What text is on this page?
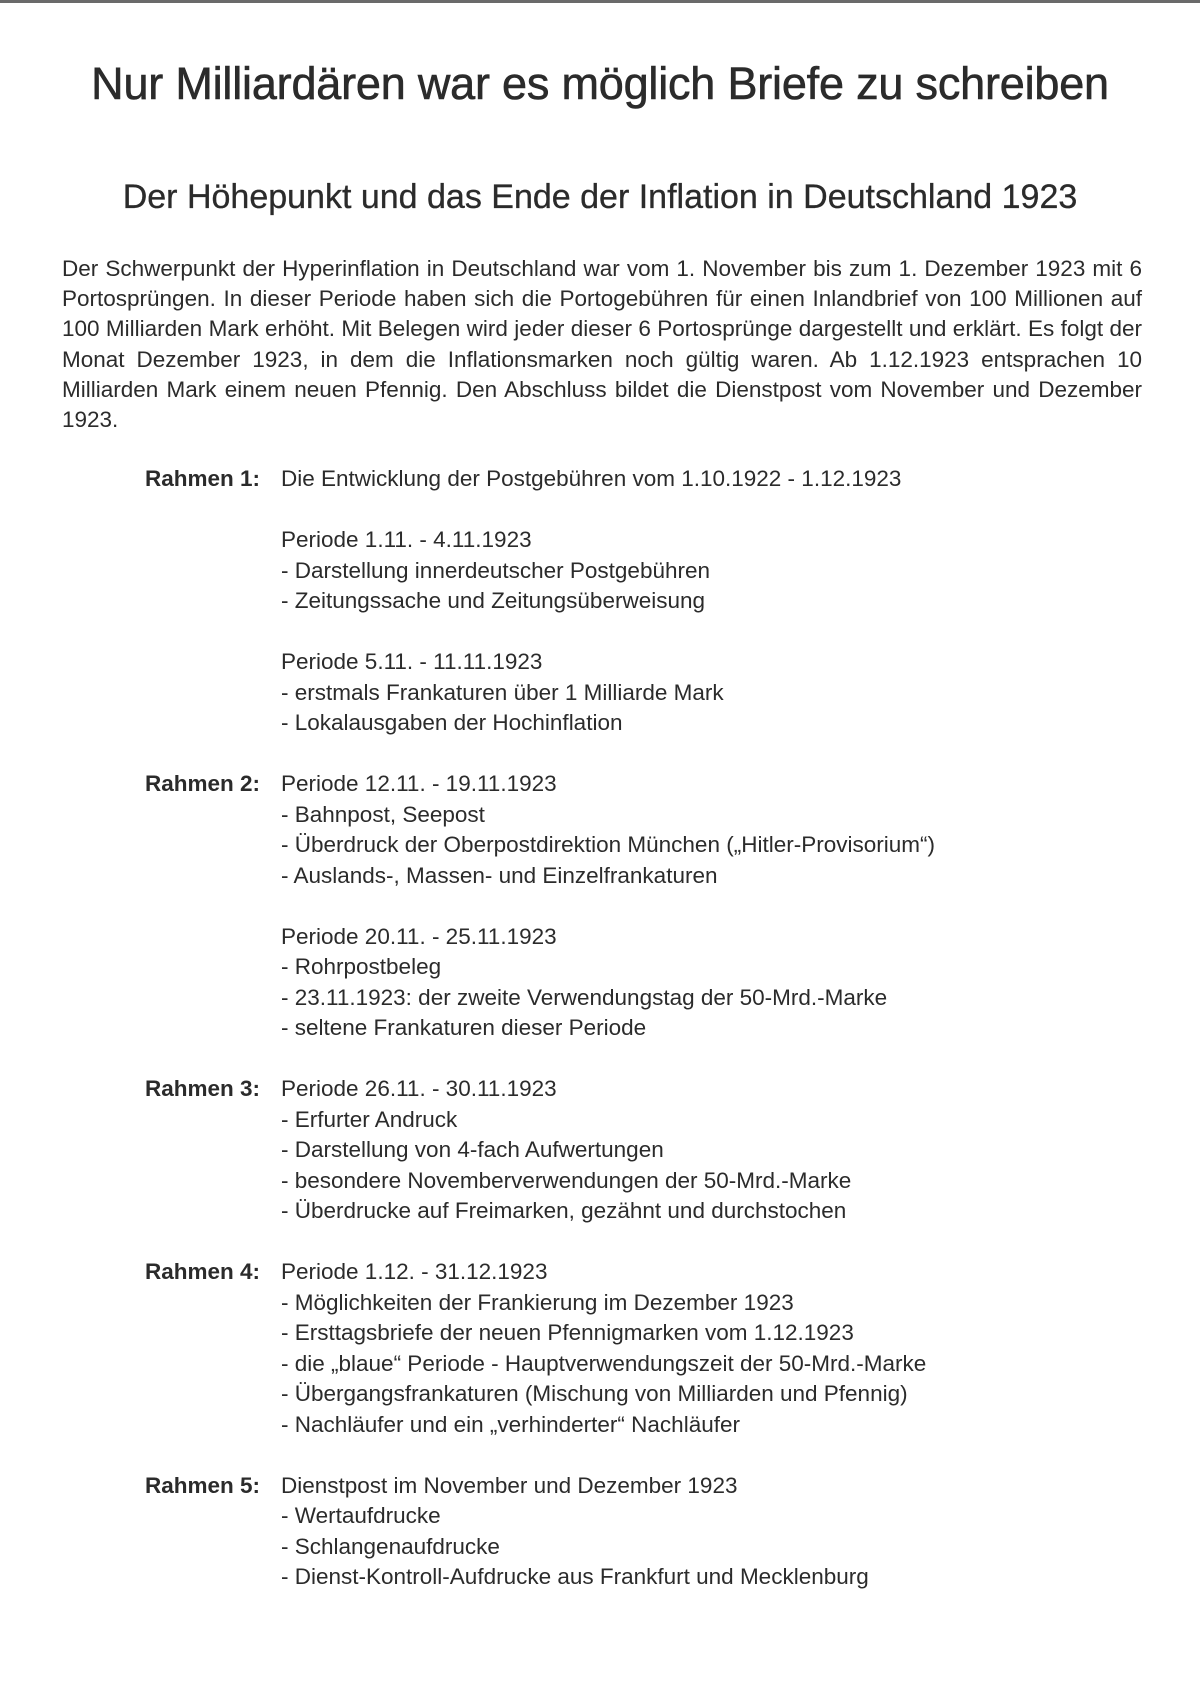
Nur Milliardären war es möglich Briefe zu schreiben
Der Höhepunkt und das Ende der Inflation in Deutschland 1923

Der Schwerpunkt der Hyperinflation in Deutschland war vom 1. November bis zum 1. Dezember 1923 mit 6 Portosprüngen. In dieser Periode haben sich die Portogebühren für einen Inlandbrief von 100 Millionen auf 100 Milliarden Mark erhöht. Mit Belegen wird jeder dieser 6 Portosprünge dargestellt und erklärt. Es folgt der Monat Dezember 1923, in dem die Inflationsmarken noch gültig waren. Ab 1.12.1923 entsprachen 10 Milliarden Mark einem neuen Pfennig. Den Abschluss bildet die Dienstpost vom November und Dezember 1923.

Rahmen 1: Die Entwicklung der Postgebühren vom 1.10.1922 - 1.12.1923
Periode 1.11. - 4.11.1923
- Darstellung innerdeutscher Postgebühren
- Zeitungssache und Zeitungsüberweisung
Periode 5.11. - 11.11.1923
- erstmals Frankaturen über 1 Milliarde Mark
- Lokalausgaben der Hochinflation
Rahmen 2: Periode 12.11. - 19.11.1923
- Bahnpost, Seepost
- Überdruck der Oberpostdirektion München („Hitler-Provisorium“)
- Auslands-, Massen- und Einzelfrankaturen
Periode 20.11. - 25.11.1923
- Rohrpostbeleg
- 23.11.1923: der zweite Verwendungstag der 50-Mrd.-Marke
- seltene Frankaturen dieser Periode
Rahmen 3: Periode 26.11. - 30.11.1923
- Erfurter Andruck
- Darstellung von 4-fach Aufwertungen
- besondere Novemberverwendungen der 50-Mrd.-Marke
- Überdrucke auf Freimarken, gezähnt und durchstochen
Rahmen 4: Periode 1.12. - 31.12.1923
- Möglichkeiten der Frankierung im Dezember 1923
- Ersttagsbriefe der neuen Pfennigmarken vom 1.12.1923
- die „blaue“ Periode - Hauptverwendungszeit der 50-Mrd.-Marke
- Übergangsfrankaturen (Mischung von Milliarden und Pfennig)
- Nachläufer und ein „verhinderter“ Nachläufer
Rahmen 5: Dienstpost im November und Dezember 1923
- Wertaufdrucke
- Schlangenaufdrucke
- Dienst-Kontroll-Aufdrucke aus Frankfurt und Mecklenburg
